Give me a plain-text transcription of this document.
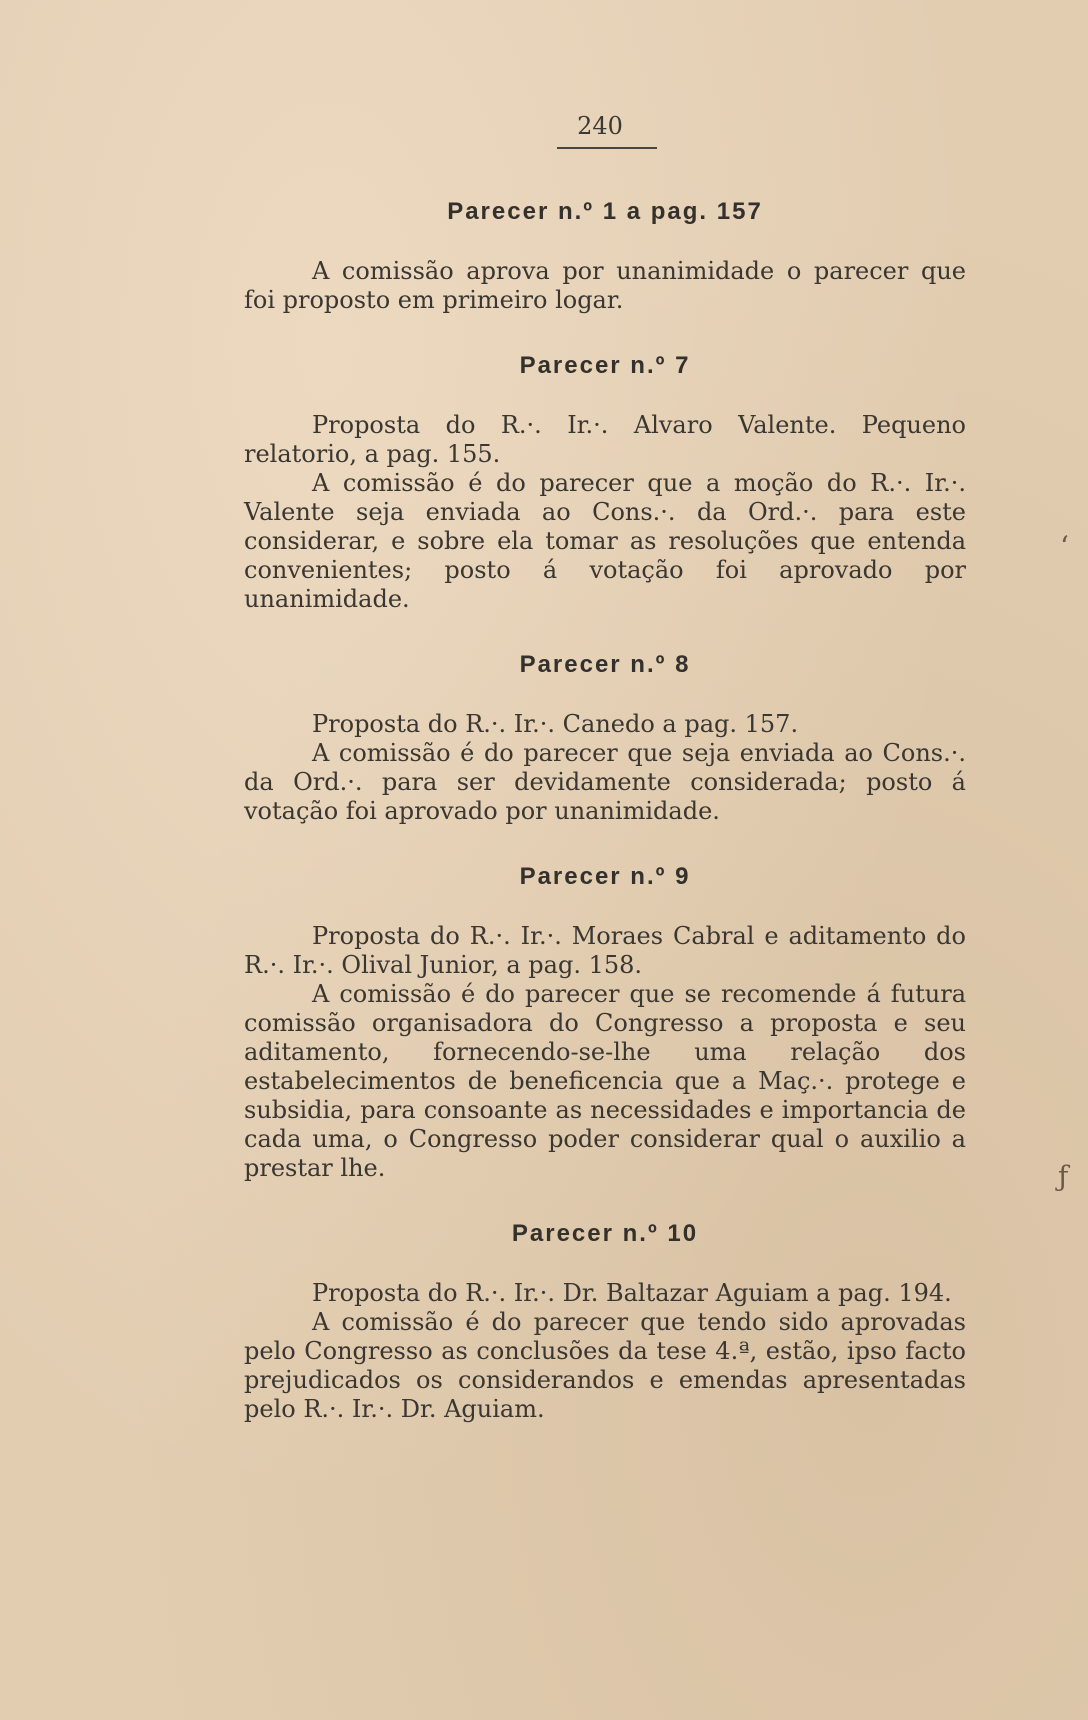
240
Parecer n.º 1 a pag. 157

A comissão aprova por unanimidade o parecer que foi proposto em primeiro logar.

Parecer n.º 7

Proposta do R.·. Ir.·. Alvaro Valente. Pequeno relatorio, a pag. 155.

A comissão é do parecer que a moção do R.·. Ir.·. Valente seja enviada ao Cons.·. da Ord.·. para este considerar, e sobre ela tomar as resoluções que entenda convenientes; posto á votação foi aprovado por unanimidade.

Parecer n.º 8

Proposta do R.·. Ir.·. Canedo a pag. 157.

A comissão é do parecer que seja enviada ao Cons.·. da Ord.·. para ser devidamente considerada; posto á votação foi aprovado por unanimidade.

Parecer n.º 9

Proposta do R.·. Ir.·. Moraes Cabral e aditamento do R.·. Ir.·. Olival Junior, a pag. 158.

A comissão é do parecer que se recomende á futura comissão organisadora do Congresso a proposta e seu aditamento, fornecendo-se-lhe uma relação dos estabelecimentos de beneficencia que a Maç.·. protege e subsidia, para consoante as necessidades e importancia de cada uma, o Congresso poder considerar qual o auxilio a prestar lhe.

Parecer n.º 10

Proposta do R.·. Ir.·. Dr. Baltazar Aguiam a pag. 194.

A comissão é do parecer que tendo sido aprovadas pelo Congresso as conclusões da tese 4.ª, estão, ipso facto prejudicados os considerandos e emendas apresentadas pelo R.·. Ir.·. Dr. Aguiam.

‘
ƒ
